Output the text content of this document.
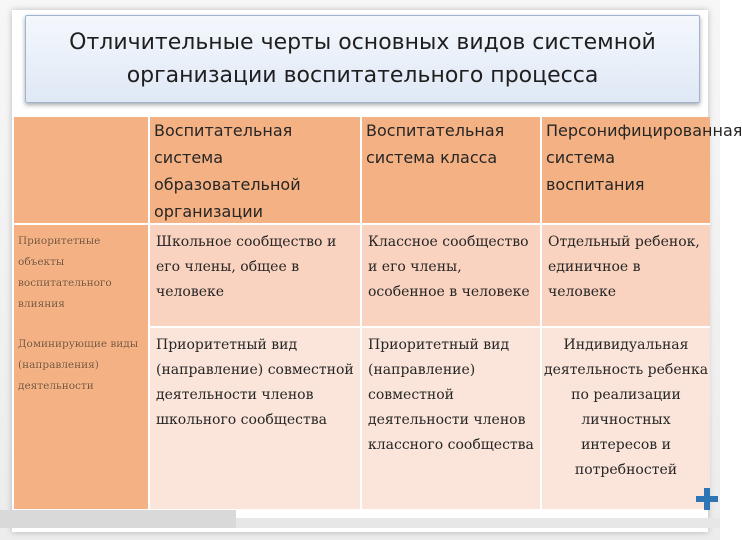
Отличительные черты основных видов системной организации воспитательного процесса
Воспитательная система образовательной организации
Воспитательная система класса
Персонифицированная система воспитания
Приоритетные объекты воспитательного влияния
Школьное сообщество и его члены, общее в человеке
Классное сообщество и его члены, особенное в человеке
Отдельный ребенок, единичное в человеке
Доминирующие виды (направления) деятельности
Приоритетный вид (направление) совместной деятельности членов школьного сообщества
Приоритетный вид (направление) совместной деятельности членов классного сообщества
Индивидуальная деятельность ребенка по реализации личностных интересов и потребностей
